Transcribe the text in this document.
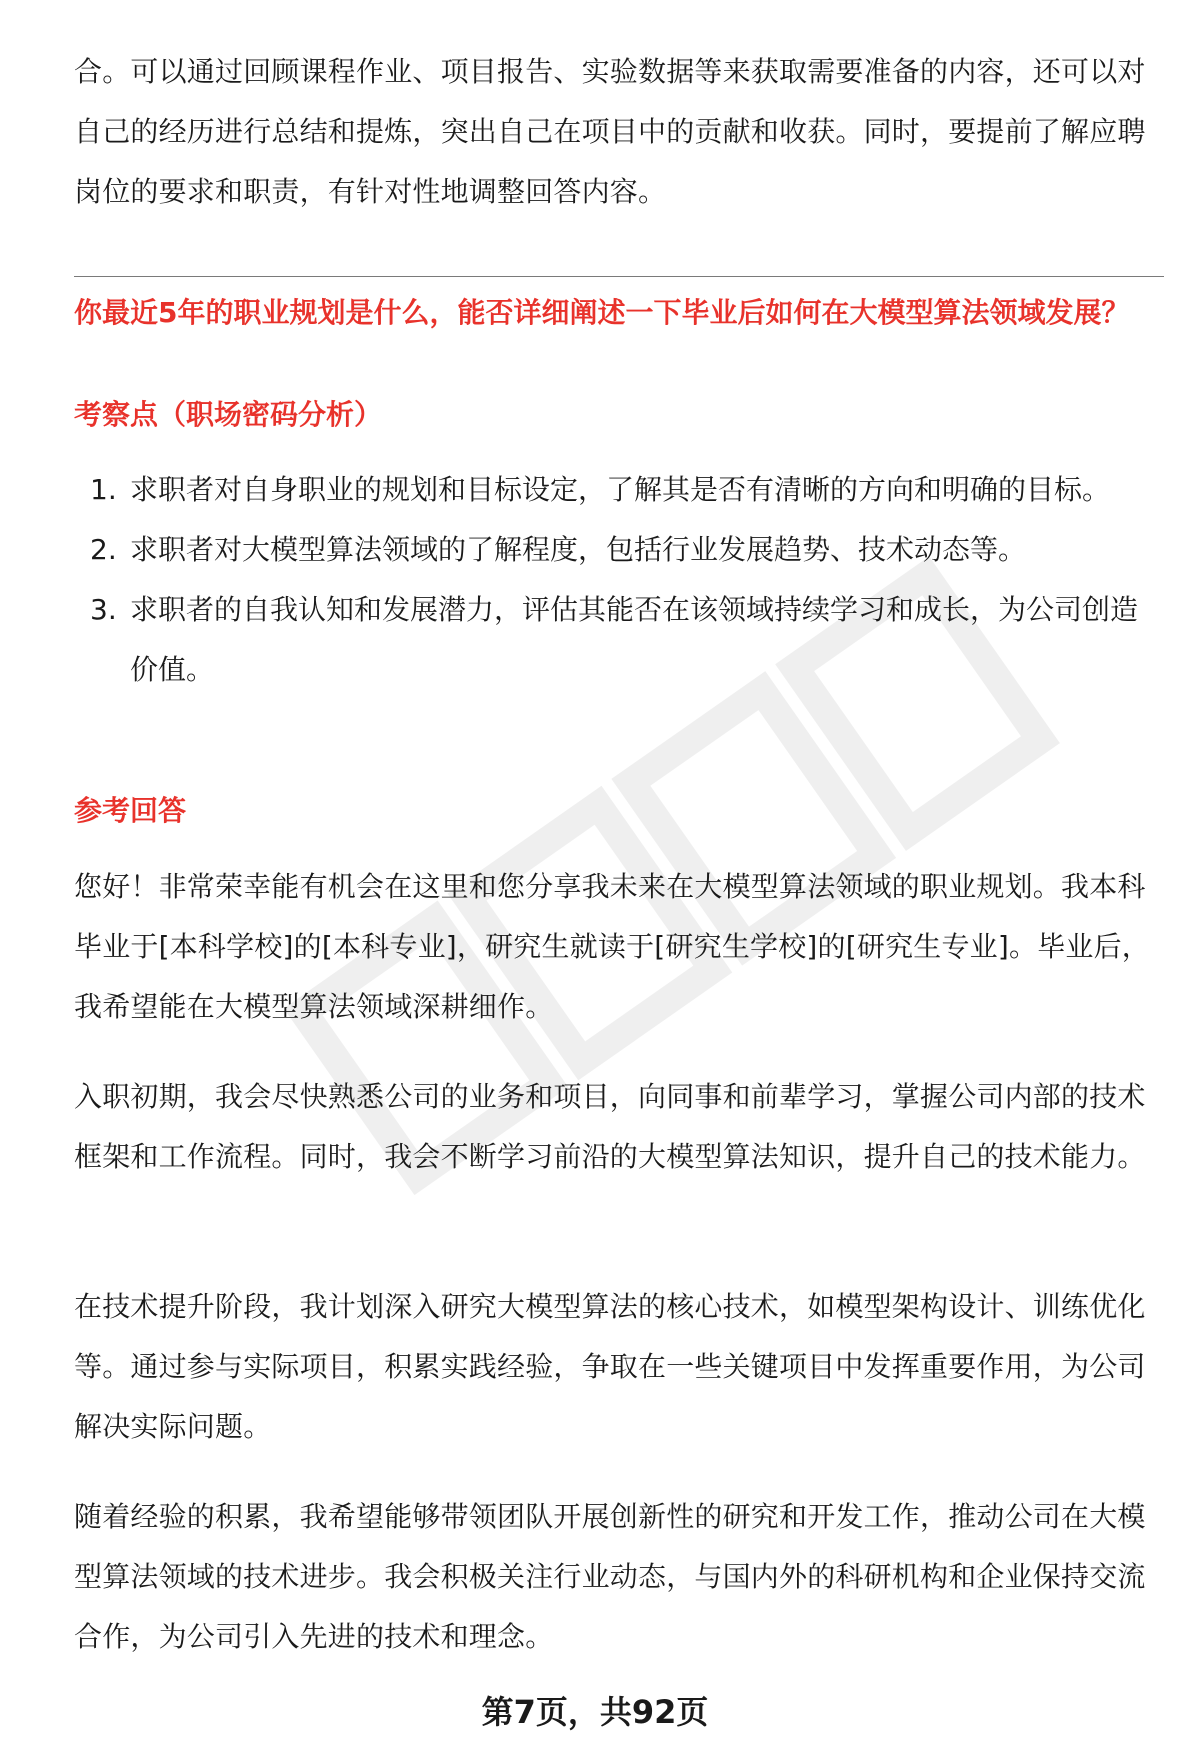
合。可以通过回顾课程作业、项目报告、实验数据等来获取需要准备的内容，还可以对自己的经历进行总结和提炼，突出自己在项目中的贡献和收获。同时，要提前了解应聘岗位的要求和职责，有针对性地调整回答内容。

你最近5年的职业规划是什么，能否详细阐述一下毕业后如何在大模型算法领域发展？

考察点（职场密码分析）

1. 求职者对自身职业的规划和目标设定，了解其是否有清晰的方向和明确的目标。
2. 求职者对大模型算法领域的了解程度，包括行业发展趋势、技术动态等。
3. 求职者的自我认知和发展潜力，评估其能否在该领域持续学习和成长，为公司创造价值。

参考回答

您好！非常荣幸能有机会在这里和您分享我未来在大模型算法领域的职业规划。我本科毕业于[本科学校]的[本科专业]，研究生就读于[研究生学校]的[研究生专业]。毕业后，我希望能在大模型算法领域深耕细作。

入职初期，我会尽快熟悉公司的业务和项目，向同事和前辈学习，掌握公司内部的技术框架和工作流程。同时，我会不断学习前沿的大模型算法知识，提升自己的技术能力。

在技术提升阶段，我计划深入研究大模型算法的核心技术，如模型架构设计、训练优化等。通过参与实际项目，积累实践经验，争取在一些关键项目中发挥重要作用，为公司解决实际问题。

随着经验的积累，我希望能够带领团队开展创新性的研究和开发工作，推动公司在大模型算法领域的技术进步。我会积极关注行业动态，与国内外的科研机构和企业保持交流合作，为公司引入先进的技术和理念。

第7页，共92页
